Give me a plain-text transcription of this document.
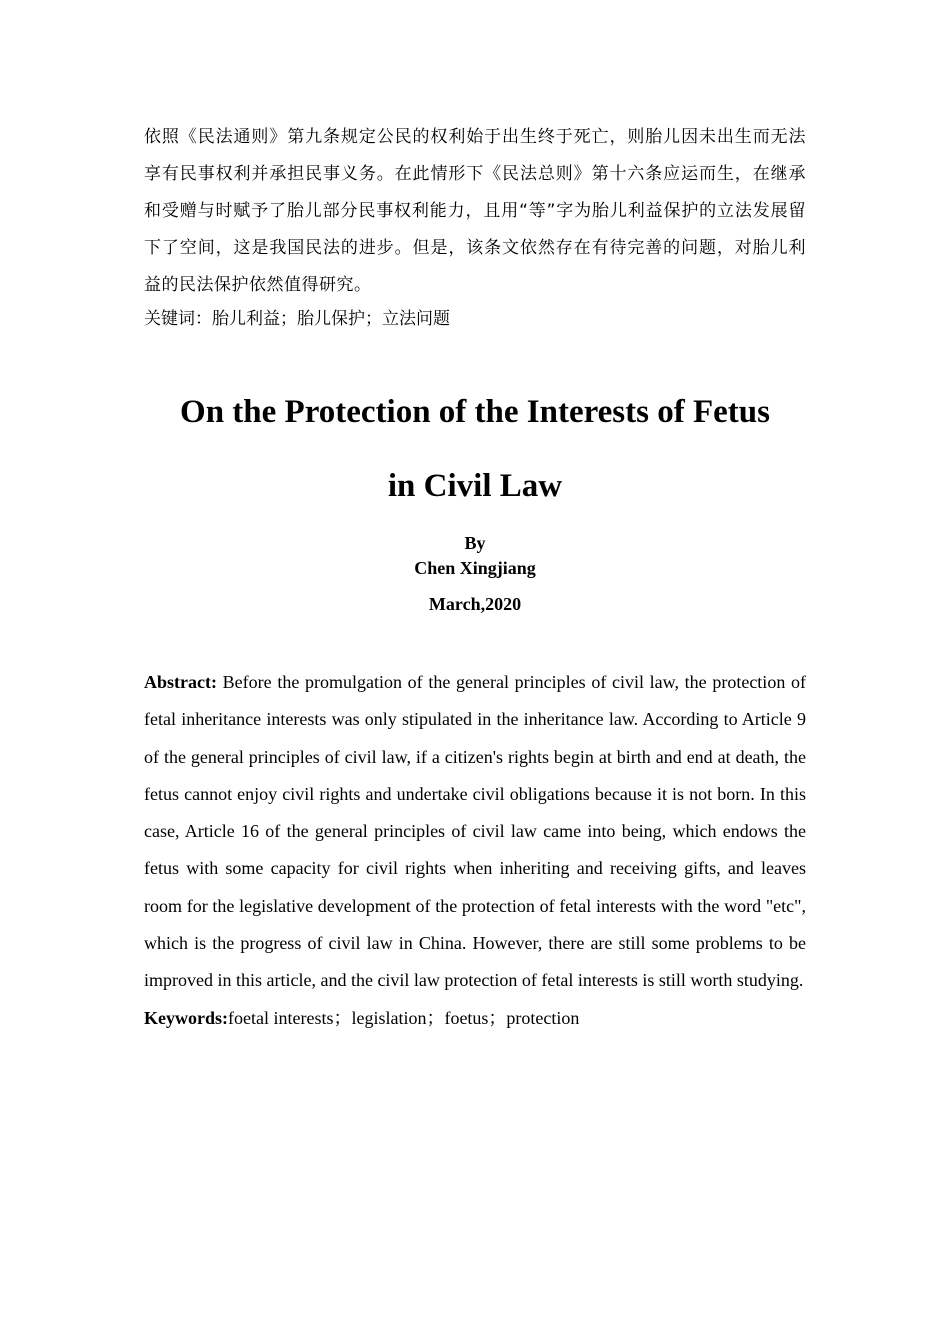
依照《民法通则》第九条规定公民的权利始于出生终于死亡，则胎儿因未出生而无法享有民事权利并承担民事义务。在此情形下《民法总则》第十六条应运而生，在继承和受赠与时赋予了胎儿部分民事权利能力，且用“等”字为胎儿利益保护的立法发展留下了空间，这是我国民法的进步。但是，该条文依然存在有待完善的问题，对胎儿利益的民法保护依然值得研究。

关键词：胎儿利益；胎儿保护；立法问题

On the Protection of the Interests of Fetus

in Civil Law

By

Chen Xingjiang

March,2020

Abstract: Before the promulgation of the general principles of civil law, the protection of fetal inheritance interests was only stipulated in the inheritance law. According to Article 9 of the general principles of civil law, if a citizen's rights begin at birth and end at death, the fetus cannot enjoy civil rights and undertake civil obligations because it is not born. In this case, Article 16 of the general principles of civil law came into being, which endows the fetus with some capacity for civil rights when inheriting and receiving gifts, and leaves room for the legislative development of the protection of fetal interests with the word "etc", which is the progress of civil law in China. However, there are still some problems to be improved in this article, and the civil law protection of fetal interests is still worth studying.

Keywords:foetal interests；legislation；foetus；protection
